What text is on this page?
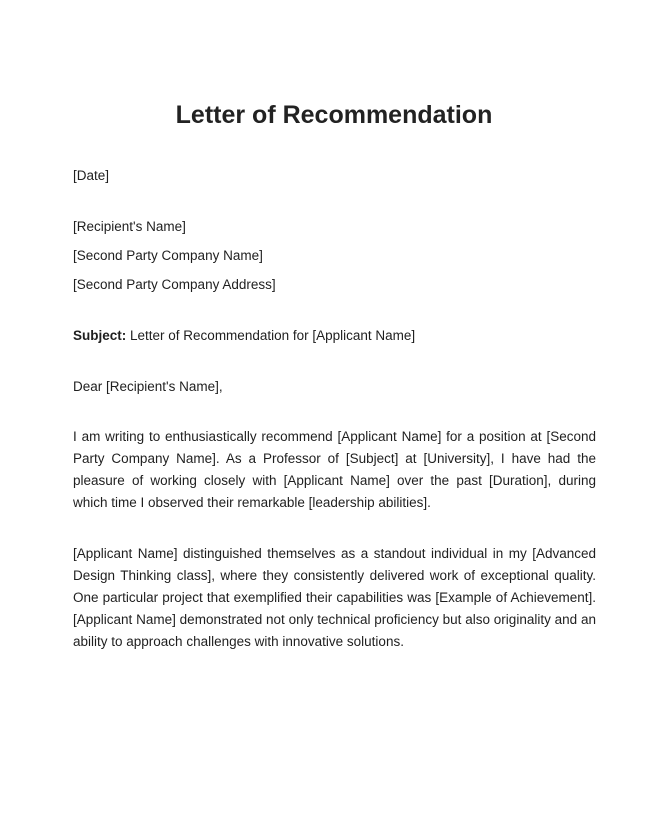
Letter of Recommendation

[Date]

[Recipient's Name]

[Second Party Company Name]

[Second Party Company Address]

Subject: Letter of Recommendation for [Applicant Name]

Dear [Recipient's Name],

I am writing to enthusiastically recommend [Applicant Name] for a position at [Second Party Company Name]. As a Professor of [Subject] at [University], I have had the pleasure of working closely with [Applicant Name] over the past [Duration], during which time I observed their remarkable [leadership abilities].

[Applicant Name] distinguished themselves as a standout individual in my [Advanced Design Thinking class], where they consistently delivered work of exceptional quality. One particular project that exemplified their capabilities was [Example of Achievement]. [Applicant Name] demonstrated not only technical proficiency but also originality and an ability to approach challenges with innovative solutions.
